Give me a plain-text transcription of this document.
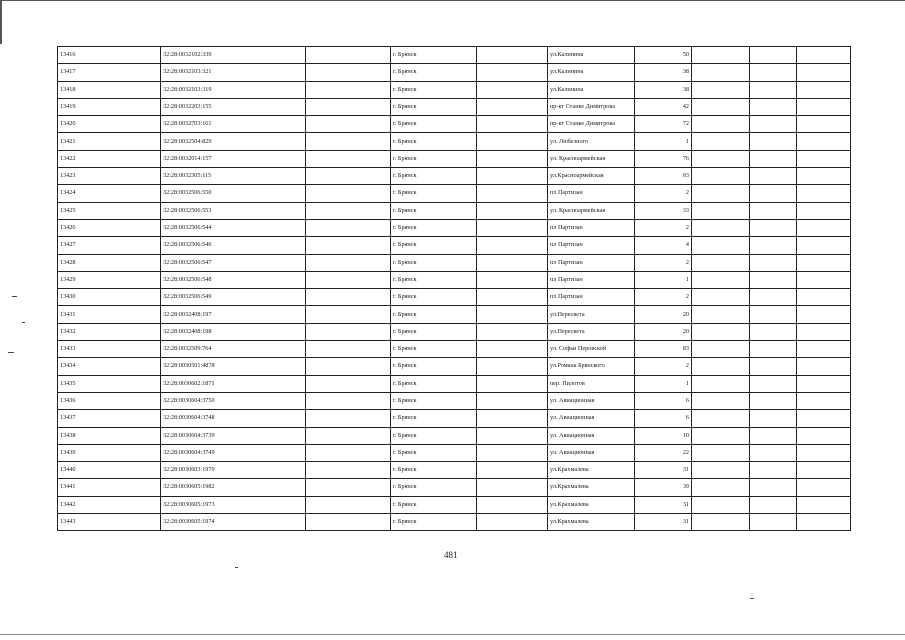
13416	32:28:0032102:339		г. Брянск		ул.Калинина	50			
13417	32:28:0032103:321		г. Брянск		ул.Калинина	38			
13418	32:28:0032103:319		г. Брянск		ул.Калинина	38			
13419	32:28:0032203:155		г. Брянск		пр-кт Станке Димитрова	42			
13420	32:28:0032703:161		г. Брянск		пр-кт Станке Димитрова	72			
13421	32:28:0032504:829		г. Брянск		ул. Любезного	1			
13422	32:28:0032014:157		г. Брянск		ул. Красноармейская	76			
13423	32:28:0032305:115		г. Брянск		ул.Красноармейская	93			
13424	32:28:0032506:550		г. Брянск		пл Партизан	2			
13425	32:28:0032506:553		г. Брянск		ул. Красноармейская	33			
13426	32:28:0032506:544		г. Брянск		пл Партизан	2			
13427	32:28:0032506:546		г. Брянск		пл Партизан	4			
13428	32:28:0032506:547		г. Брянск		пл Партизан	2			
13429	32:28:0032506:548		г. Брянск		пл Партизан	1			
13430	32:28:0032506:549		г. Брянск		пл Партизан	2			
13431	32:28:0032408:197		г. Брянск		ул.Пересвета	20			
13432	32:28:0032408:198		г. Брянск		ул.Пересвета	20			
13433	32:28:0032509:764		г. Брянск		ул. Софьи Перовской	83			
13434	32:28:0030501:4878		г. Брянск		ул.Романа Брянского	2			
13435	32:28:0030602:1871		г. Брянск		пер. Пилотов	1			
13436	32:28:0030604:3750		г. Брянск		ул. Авиационная	6			
13437	32:28:0030604:3748		г. Брянск		ул. Авиационная	6			
13438	32:28:0030604:3739		г. Брянск		ул. Авиационная	10			
13439	32:28:0030604:3749		г. Брянск		ул. Авиационная	22			
13440	32:28:0030603:1970		г. Брянск		ул.Крахмалева	31			
13441	32:28:0030605:1982		г. Брянск		ул.Крахмалева	39			
13442	32:28:0030605:1973		г. Брянск		ул.Крахмалева	31			
13443	32:28:0030605:1974		г. Брянск		ул.Крахмалева	31			
481
